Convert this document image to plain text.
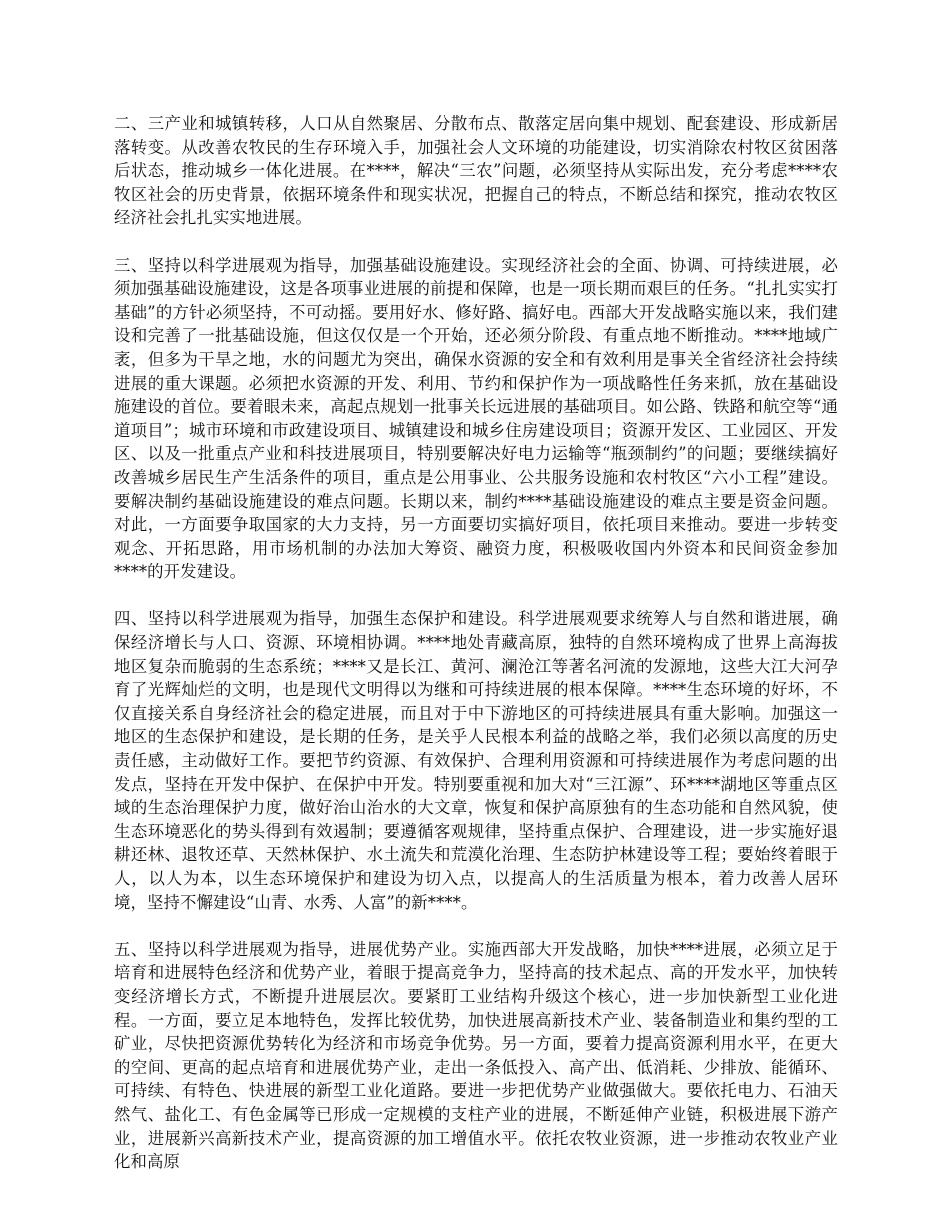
二、三产业和城镇转移，人口从自然聚居、分散布点、散落定居向集中规划、配套建设、形成新居落转变。从改善农牧民的生存环境入手，加强社会人文环境的功能建设，切实消除农村牧区贫困落后状态，推动城乡一体化进展。在****，解决“三农”问题，必须坚持从实际出发，充分考虑****农牧区社会的历史背景，依据环境条件和现实状况，把握自己的特点，不断总结和探究，推动农牧区经济社会扎扎实实地进展。

三、坚持以科学进展观为指导，加强基础设施建设。实现经济社会的全面、协调、可持续进展，必须加强基础设施建设，这是各项事业进展的前提和保障，也是一项长期而艰巨的任务。“扎扎实实打基础”的方针必须坚持，不可动摇。要用好水、修好路、搞好电。西部大开发战略实施以来，我们建设和完善了一批基础设施，但这仅仅是一个开始，还必须分阶段、有重点地不断推动。****地域广袤，但多为干旱之地，水的问题尤为突出，确保水资源的安全和有效利用是事关全省经济社会持续进展的重大课题。必须把水资源的开发、利用、节约和保护作为一项战略性任务来抓，放在基础设施建设的首位。要着眼未来，高起点规划一批事关长远进展的基础项目。如公路、铁路和航空等“通道项目”；城市环境和市政建设项目、城镇建设和城乡住房建设项目；资源开发区、工业园区、开发区、以及一批重点产业和科技进展项目，特别要解决好电力运输等“瓶颈制约”的问题；要继续搞好改善城乡居民生产生活条件的项目，重点是公用事业、公共服务设施和农村牧区“六小工程”建设。要解决制约基础设施建设的难点问题。长期以来，制约****基础设施建设的难点主要是资金问题。对此，一方面要争取国家的大力支持，另一方面要切实搞好项目，依托项目来推动。要进一步转变观念、开拓思路，用市场机制的办法加大筹资、融资力度，积极吸收国内外资本和民间资金参加****的开发建设。

四、坚持以科学进展观为指导，加强生态保护和建设。科学进展观要求统筹人与自然和谐进展，确保经济增长与人口、资源、环境相协调。****地处青藏高原，独特的自然环境构成了世界上高海拔地区复杂而脆弱的生态系统；****又是长江、黄河、澜沧江等著名河流的发源地，这些大江大河孕育了光辉灿烂的文明，也是现代文明得以为继和可持续进展的根本保障。****生态环境的好坏，不仅直接关系自身经济社会的稳定进展，而且对于中下游地区的可持续进展具有重大影响。加强这一地区的生态保护和建设，是长期的任务，是关乎人民根本利益的战略之举，我们必须以高度的历史责任感，主动做好工作。要把节约资源、有效保护、合理利用资源和可持续进展作为考虑问题的出发点，坚持在开发中保护、在保护中开发。特别要重视和加大对“三江源”、环****湖地区等重点区域的生态治理保护力度，做好治山治水的大文章，恢复和保护高原独有的生态功能和自然风貌，使生态环境恶化的势头得到有效遏制；要遵循客观规律，坚持重点保护、合理建设，进一步实施好退耕还林、退牧还草、天然林保护、水土流失和荒漠化治理、生态防护林建设等工程；要始终着眼于人，以人为本，以生态环境保护和建设为切入点，以提高人的生活质量为根本，着力改善人居环境，坚持不懈建设“山青、水秀、人富”的新****。

五、坚持以科学进展观为指导，进展优势产业。实施西部大开发战略，加快****进展，必须立足于培育和进展特色经济和优势产业，着眼于提高竞争力，坚持高的技术起点、高的开发水平，加快转变经济增长方式，不断提升进展层次。要紧盯工业结构升级这个核心，进一步加快新型工业化进程。一方面，要立足本地特色，发挥比较优势，加快进展高新技术产业、装备制造业和集约型的工矿业，尽快把资源优势转化为经济和市场竞争优势。另一方面，要着力提高资源利用水平，在更大的空间、更高的起点培育和进展优势产业，走出一条低投入、高产出、低消耗、少排放、能循环、可持续、有特色、快进展的新型工业化道路。要进一步把优势产业做强做大。要依托电力、石油天然气、盐化工、有色金属等已形成一定规模的支柱产业的进展，不断延伸产业链，积极进展下游产业，进展新兴高新技术产业，提高资源的加工增值水平。依托农牧业资源，进一步推动农牧业产业化和高原
